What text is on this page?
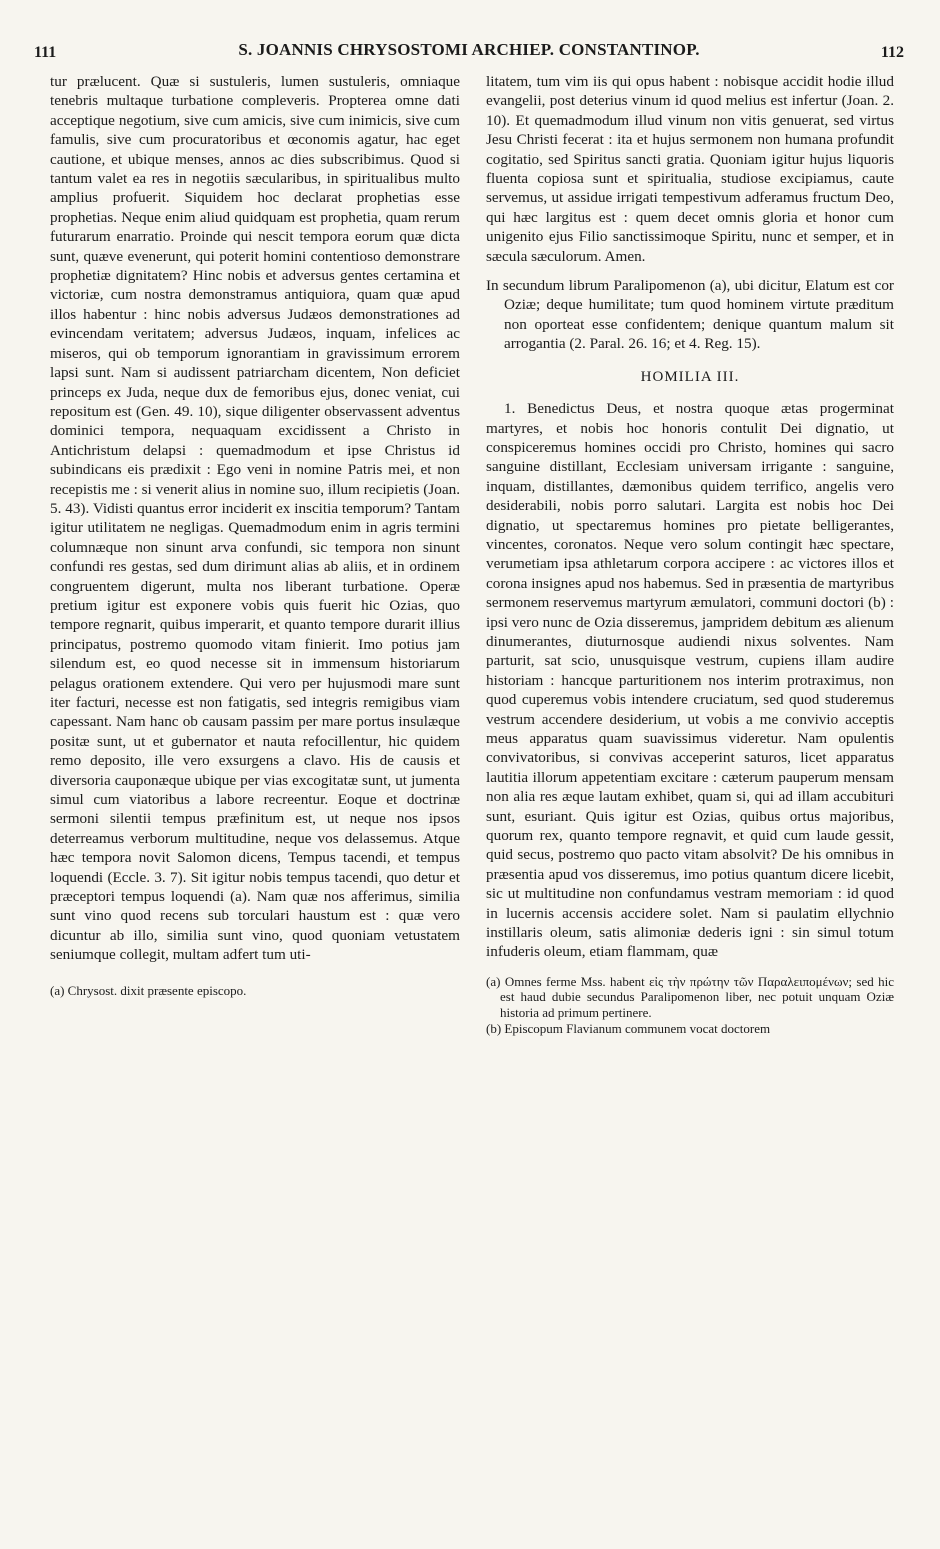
111	S. JOANNIS CHRYSOSTOMI ARCHIEP. CONSTANTINOP.	112

tur prælucent. Quæ si sustuleris, lumen sustuleris, omniaque tenebris multaque turbatione compleveris. Propterea omne dati acceptique negotium, sive cum amicis, sive cum inimicis, sive cum famulis, sive cum procuratoribus et œconomis agatur, hac eget cautione, et ubique menses, annos ac dies subscribimus. Quod si tantum valet ea res in negotiis sæcularibus, in spiritualibus multo amplius profuerit. Siquidem hoc declarat prophetias esse prophetias. Neque enim aliud quidquam est prophetia, quam rerum futurarum enarratio. Proinde qui nescit tempora eorum quæ dicta sunt, quæve evenerunt, qui poterit homini contentioso demonstrare prophetiæ dignitatem? Hinc nobis et adversus gentes certamina et victoriæ, cum nostra demonstramus antiquiora, quam quæ apud illos habentur : hinc nobis adversus Judæos demonstrationes ad evincendam veritatem; adversus Judæos, inquam, infelices ac miseros, qui ob temporum ignorantiam in gravissimum errorem lapsi sunt. Nam si audissent patriarcham dicentem, Non deficiet princeps ex Juda, neque dux de femoribus ejus, donec veniat, cui repositum est (Gen. 49. 10), sique diligenter observassent adventus dominici tempora, nequaquam excidissent a Christo in Antichristum delapsi : quemadmodum et ipse Christus id subindicans eis prædixit : Ego veni in nomine Patris mei, et non recepistis me : si venerit alius in nomine suo, illum recipietis (Joan. 5. 43). Vidisti quantus error inciderit ex inscitia temporum? Tantam igitur utilitatem ne negligas. Quemadmodum enim in agris termini columnæque non sinunt arva confundi, sic tempora non sinunt confundi res gestas, sed dum dirimunt alias ab aliis, et in ordinem congruentem digerunt, multa nos liberant turbatione. Operæ pretium igitur est exponere vobis quis fuerit hic Ozias, quo tempore regnarit, quibus imperarit, et quanto tempore durarit illius principatus, postremo quomodo vitam finierit. Imo potius jam silendum est, eo quod necesse sit in immensum historiarum pelagus orationem extendere. Qui vero per hujusmodi mare sunt iter facturi, necesse est non fatigatis, sed integris remigibus viam capessant. Nam hanc ob causam passim per mare portus insulæque positæ sunt, ut et gubernator et nauta refocillentur, hic quidem remo deposito, ille vero exsurgens a clavo. His de causis et diversoria cauponæque ubique per vias excogitatæ sunt, ut jumenta simul cum viatoribus a labore recreentur. Eoque et doctrinæ sermoni silentii tempus præfinitum est, ut neque nos ipsos deterreamus verborum multitudine, neque vos delassemus. Atque hæc tempora novit Salomon dicens, Tempus tacendi, et tempus loquendi (Eccle. 3. 7). Sit igitur nobis tempus tacendi, quo detur et præceptori tempus loquendi (a). Nam quæ nos afferimus, similia sunt vino quod recens sub torculari haustum est : quæ vero dicuntur ab illo, similia sunt vino, quod quoniam vetustatem seniumque collegit, multam adfert tum uti-

(a) Chrysost. dixit præsente episcopo.

litatem, tum vim iis qui opus habent : nobisque accidit hodie illud evangelii, post deterius vinum id quod melius est infertur (Joan. 2. 10). Et quemadmodum illud vinum non vitis genuerat, sed virtus Jesu Christi fecerat : ita et hujus sermonem non humana profundit cogitatio, sed Spiritus sancti gratia. Quoniam igitur hujus liquoris fluenta copiosa sunt et spiritualia, studiose excipiamus, caute servemus, ut assidue irrigati tempestivum adferamus fructum Deo, qui hæc largitus est : quem decet omnis gloria et honor cum unigenito ejus Filio sanctissimoque Spiritu, nunc et semper, et in sæcula sæculorum. Amen.

In secundum librum Paralipomenon (a), ubi dicitur, Elatum est cor Oziæ; deque humilitate; tum quod hominem virtute præditum non oporteat esse confidentem; denique quantum malum sit arrogantia (2. Paral. 26. 16; et 4. Reg. 15).

HOMILIA III.

1. Benedictus Deus, et nostra quoque ætas progerminat martyres, et nobis hoc honoris contulit Dei dignatio, ut conspiceremus homines occidi pro Christo, homines qui sacro sanguine distillant, Ecclesiam universam irrigante : sanguine, inquam, distillantes, dæmonibus quidem terrifico, angelis vero desiderabili, nobis porro salutari. Largita est nobis hoc Dei dignatio, ut spectaremus homines pro pietate belligerantes, vincentes, coronatos. Neque vero solum contingit hæc spectare, verumetiam ipsa athletarum corpora accipere : ac victores illos et corona insignes apud nos habemus. Sed in præsentia de martyribus sermonem reservemus martyrum æmulatori, communi doctori (b) : ipsi vero nunc de Ozia disseremus, jampridem debitum æs alienum dinumerantes, diuturnosque audiendi nixus solventes. Nam parturit, sat scio, unusquisque vestrum, cupiens illam audire historiam : hancque parturitionem nos interim protraximus, non quod cuperemus vobis intendere cruciatum, sed quod studeremus vestrum accendere desiderium, ut vobis a me convivio acceptis meus apparatus quam suavissimus videretur. Nam opulentis convivatoribus, si convivas acceperint saturos, licet apparatus lautitia illorum appetentiam excitare : cæterum pauperum mensam non alia res æque lautam exhibet, quam si, qui ad illam accubituri sunt, esuriant. Quis igitur est Ozias, quibus ortus majoribus, quorum rex, quanto tempore regnavit, et quid cum laude gessit, quid secus, postremo quo pacto vitam absolvit? De his omnibus in præsentia apud vos disseremus, imo potius quantum dicere licebit, sic ut multitudine non confundamus vestram memoriam : id quod in lucernis accensis accidere solet. Nam si paulatim ellychnio instillaris oleum, satis alimoniæ dederis igni : sin simul totum infuderis oleum, etiam flammam, quæ

(a) Omnes ferme Mss. habent εἰς τὴν πρώτην τῶν Παραλειπομένων; sed hic est haud dubie secundus Paralipomenon liber, nec potuit unquam Oziæ historia ad primum pertinere.

(b) Episcopum Flavianum communem vocat doctorem
